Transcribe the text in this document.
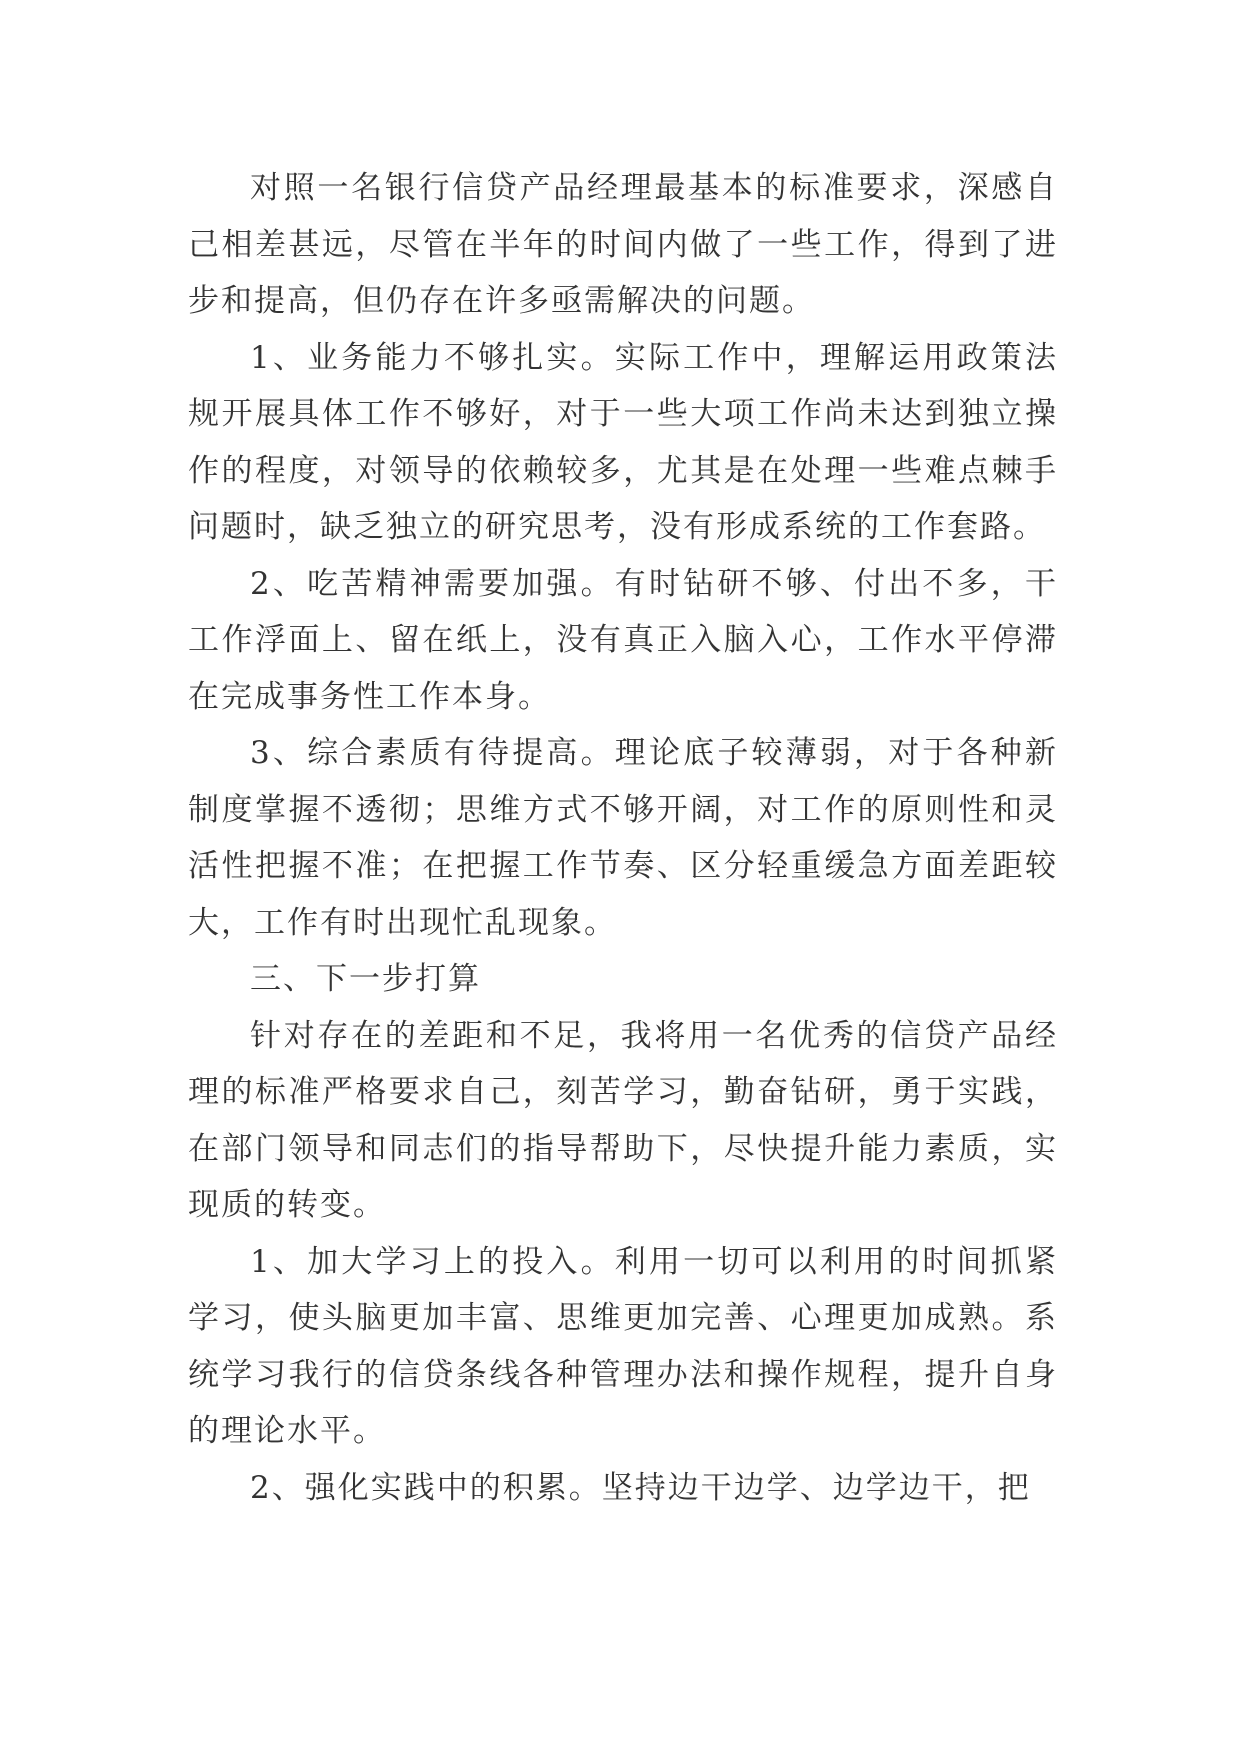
对照一名银行信贷产品经理最基本的标准要求，深感自己相差甚远，尽管在半年的时间内做了一些工作，得到了进步和提高，但仍存在许多亟需解决的问题。

1、业务能力不够扎实。实际工作中，理解运用政策法规开展具体工作不够好，对于一些大项工作尚未达到独立操作的程度，对领导的依赖较多，尤其是在处理一些难点棘手问题时，缺乏独立的研究思考，没有形成系统的工作套路。

2、吃苦精神需要加强。有时钻研不够、付出不多，干工作浮面上、留在纸上，没有真正入脑入心，工作水平停滞在完成事务性工作本身。

3、综合素质有待提高。理论底子较薄弱，对于各种新制度掌握不透彻；思维方式不够开阔，对工作的原则性和灵活性把握不准；在把握工作节奏、区分轻重缓急方面差距较大，工作有时出现忙乱现象。

三、下一步打算

针对存在的差距和不足，我将用一名优秀的信贷产品经理的标准严格要求自己，刻苦学习，勤奋钻研，勇于实践，在部门领导和同志们的指导帮助下，尽快提升能力素质，实现质的转变。

1、加大学习上的投入。利用一切可以利用的时间抓紧学习，使头脑更加丰富、思维更加完善、心理更加成熟。系统学习我行的信贷条线各种管理办法和操作规程，提升自身的理论水平。

2、强化实践中的积累。坚持边干边学、边学边干，把
